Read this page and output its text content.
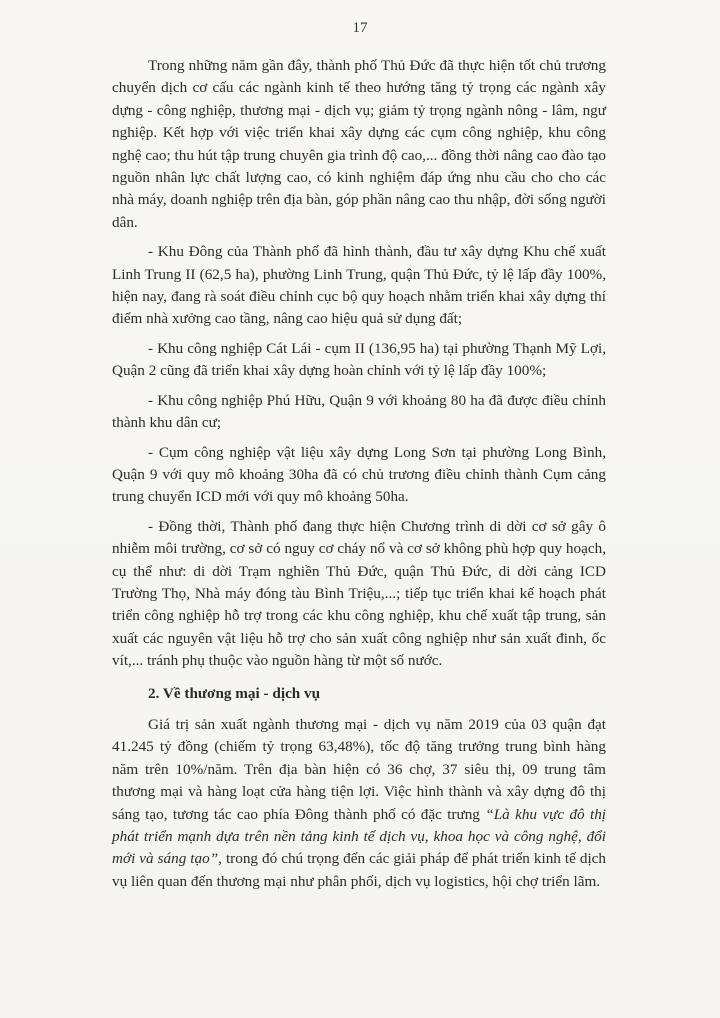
17

Trong những năm gần đây, thành phố Thủ Đức đã thực hiện tốt chủ trương chuyển dịch cơ cấu các ngành kinh tế theo hướng tăng tỷ trọng các ngành xây dựng - công nghiệp, thương mại - dịch vụ; giảm tỷ trọng ngành nông - lâm, ngư nghiệp. Kết hợp với việc triển khai xây dựng các cụm công nghiệp, khu công nghệ cao; thu hút tập trung chuyên gia trình độ cao,... đồng thời nâng cao đào tạo nguồn nhân lực chất lượng cao, có kinh nghiệm đáp ứng nhu cầu cho cho các nhà máy, doanh nghiệp trên địa bàn, góp phần nâng cao thu nhập, đời sống người dân.

- Khu Đông của Thành phố đã hình thành, đầu tư xây dựng Khu chế xuất Linh Trung II (62,5 ha), phường Linh Trung, quận Thủ Đức, tỷ lệ lấp đầy 100%, hiện nay, đang rà soát điều chỉnh cục bộ quy hoạch nhằm triển khai xây dựng thí điểm nhà xưởng cao tầng, nâng cao hiệu quả sử dụng đất;

- Khu công nghiệp Cát Lái - cụm II (136,95 ha) tại phường Thạnh Mỹ Lợi, Quận 2 cũng đã triển khai xây dựng hoàn chỉnh với tỷ lệ lấp đầy 100%;

- Khu công nghiệp Phú Hữu, Quận 9 với khoảng 80 ha đã được điều chỉnh thành khu dân cư;

- Cụm công nghiệp vật liệu xây dựng Long Sơn tại phường Long Bình, Quận 9 với quy mô khoảng 30ha đã có chủ trương điều chỉnh thành Cụm cảng trung chuyển ICD mới với quy mô khoảng 50ha.

- Đồng thời, Thành phố đang thực hiện Chương trình di dời cơ sở gây ô nhiễm môi trường, cơ sở có nguy cơ cháy nổ và cơ sở không phù hợp quy hoạch, cụ thể như: di dời Trạm nghiền Thủ Đức, quận Thủ Đức, di dời cảng ICD Trường Thọ, Nhà máy đóng tàu Bình Triệu,...; tiếp tục triển khai kế hoạch phát triển công nghiệp hỗ trợ trong các khu công nghiệp, khu chế xuất tập trung, sản xuất các nguyên vật liệu hỗ trợ cho sản xuất công nghiệp như sản xuất đinh, ốc vít,... tránh phụ thuộc vào nguồn hàng từ một số nước.

2. Về thương mại - dịch vụ

Giá trị sản xuất ngành thương mại - dịch vụ năm 2019 của 03 quận đạt 41.245 tỷ đồng (chiếm tỷ trọng 63,48%), tốc độ tăng trưởng trung bình hàng năm trên 10%/năm. Trên địa bàn hiện có 36 chợ, 37 siêu thị, 09 trung tâm thương mại và hàng loạt cửa hàng tiện lợi. Việc hình thành và xây dựng đô thị sáng tạo, tương tác cao phía Đông thành phố có đặc trưng “Là khu vực đô thị phát triển mạnh dựa trên nền tảng kinh tế dịch vụ, khoa học và công nghệ, đổi mới và sáng tạo”, trong đó chú trọng đến các giải pháp để phát triển kinh tế dịch vụ liên quan đến thương mại như phân phối, dịch vụ logistics, hội chợ triển lãm.
